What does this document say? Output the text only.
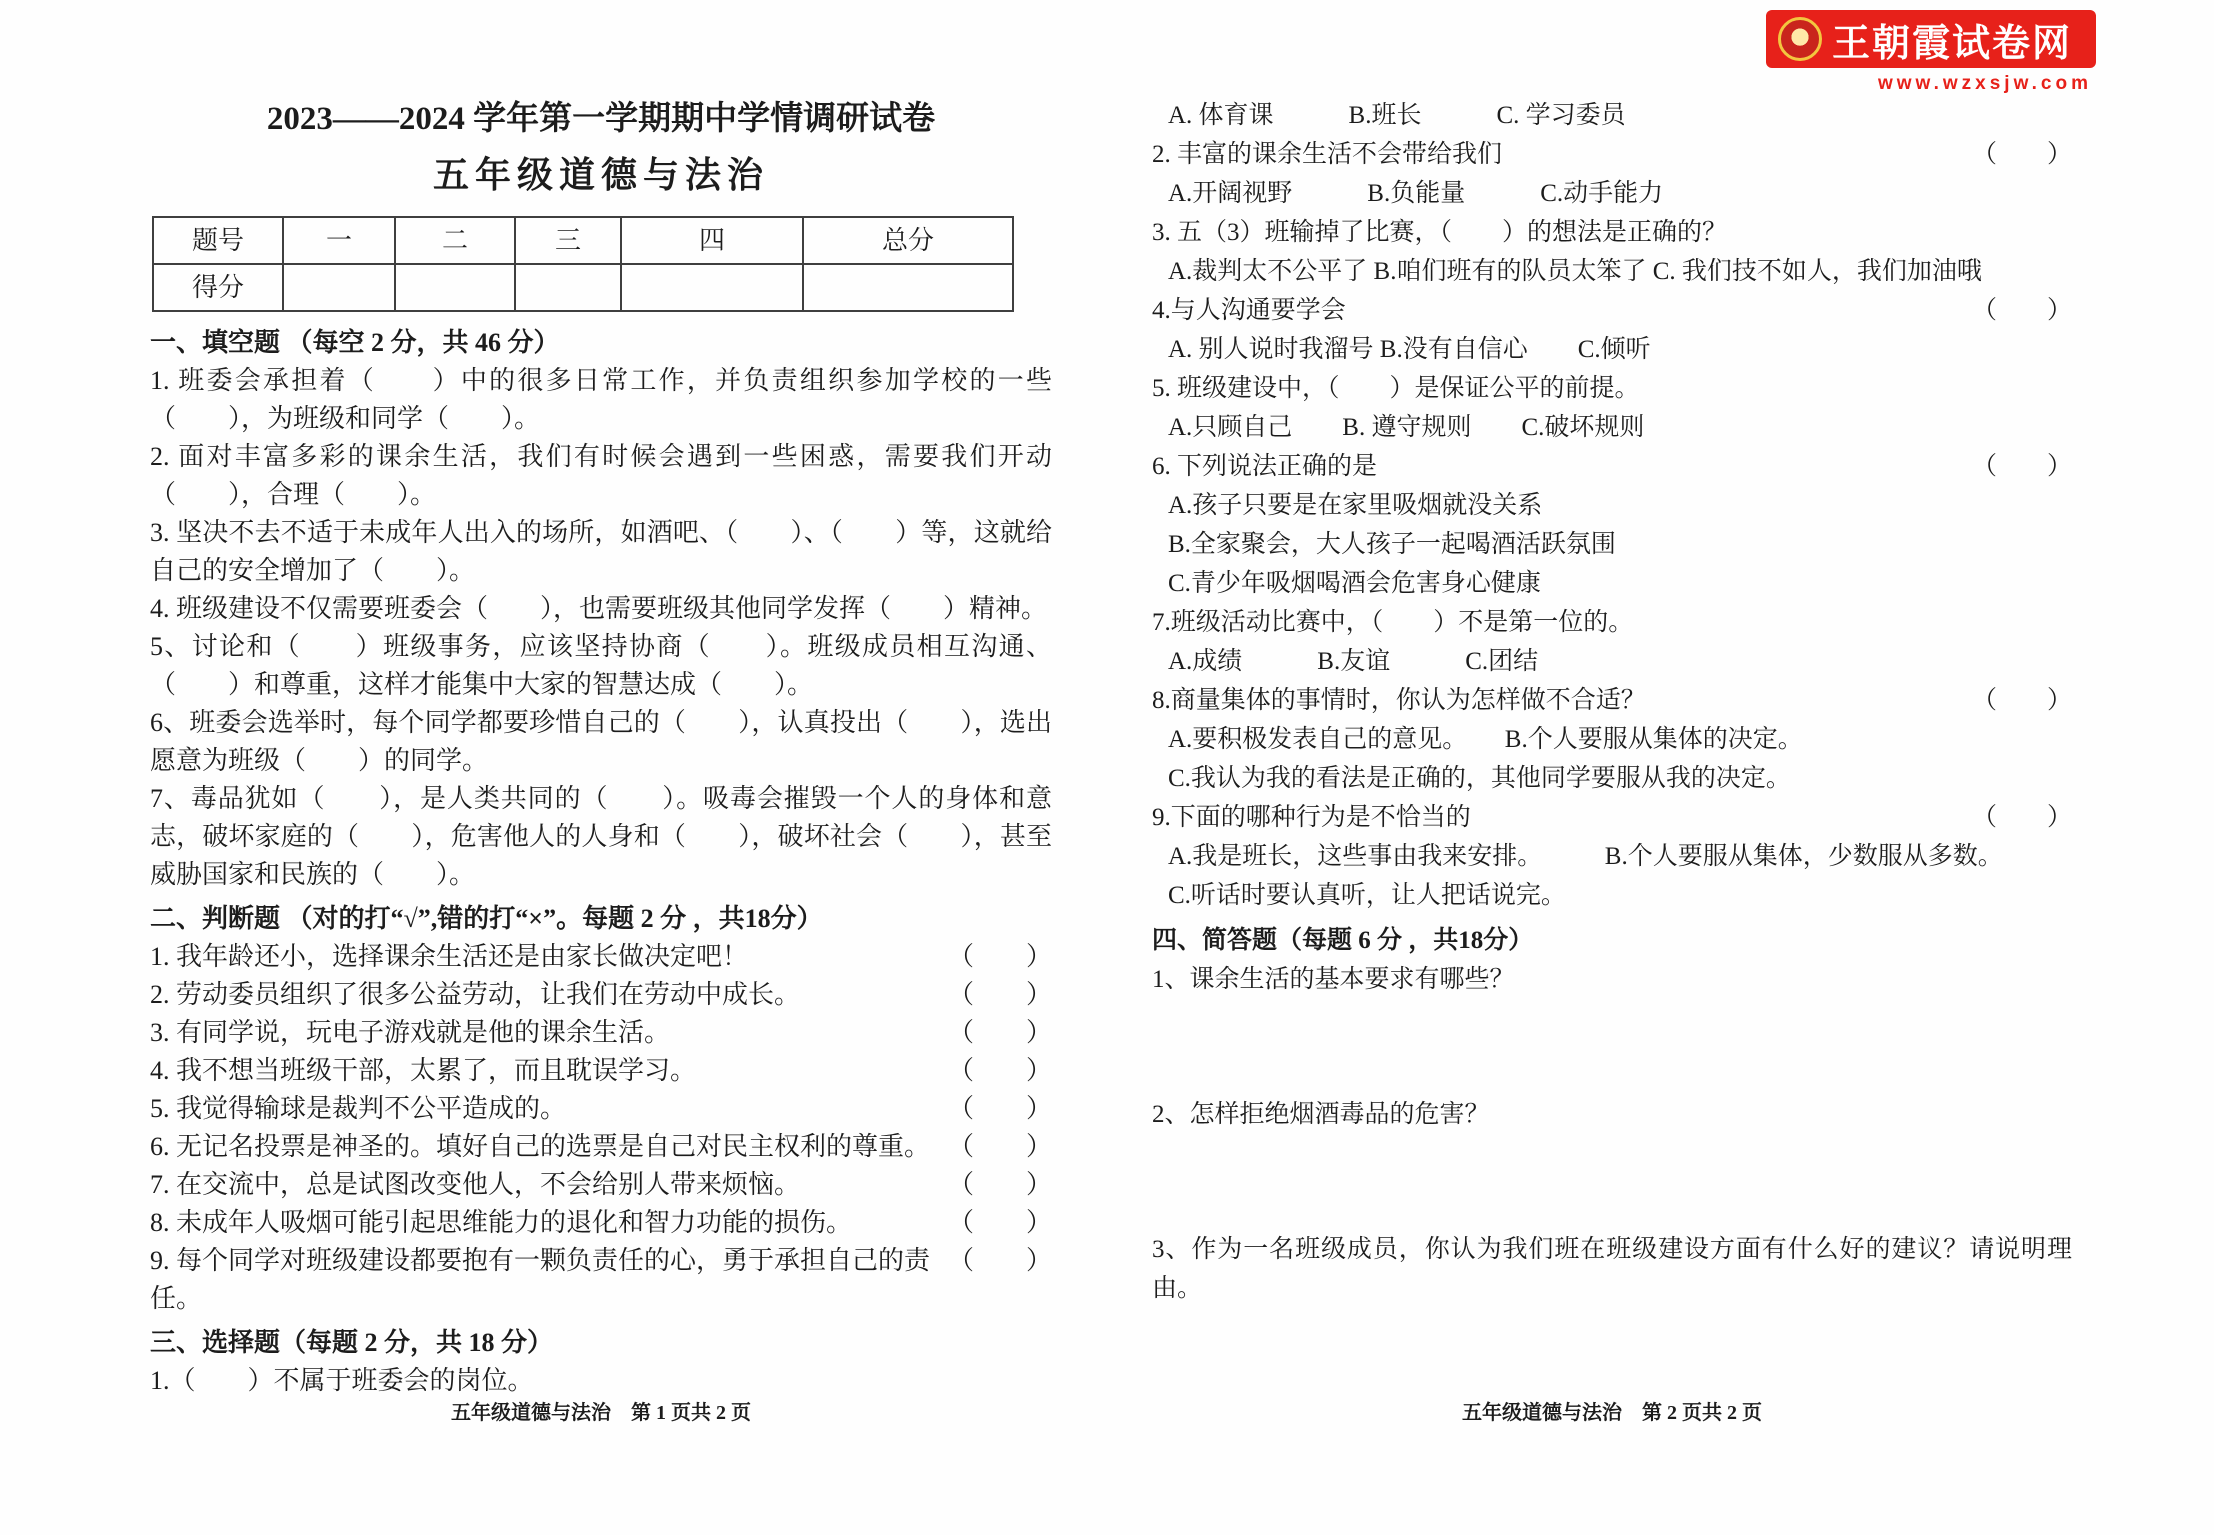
王朝霞试卷网
www.wzxsjw.com
2023——2024 学年第一学期期中学情调研试卷
五年级道德与法治
题号	一	二	三	四	总分
得分					
一、填空题 （每空 2 分，共 46 分）
1. 班委会承担着（　　）中的很多日常工作，并负责组织参加学校的一些（　　），为班级和同学（　　）。
2. 面对丰富多彩的课余生活，我们有时候会遇到一些困惑，需要我们开动（　　），合理（　　）。
3. 坚决不去不适于未成年人出入的场所，如酒吧、（　　）、（　　）等，这就给自己的安全增加了（　　）。
4. 班级建设不仅需要班委会（　　），也需要班级其他同学发挥（　　）精神。
5、讨论和（　　）班级事务，应该坚持协商（　　）。班级成员相互沟通、（　　）和尊重，这样才能集中大家的智慧达成（　　）。
6、班委会选举时，每个同学都要珍惜自己的（　　），认真投出（　　），选出愿意为班级（　　）的同学。
7、毒品犹如（　　），是人类共同的（　　）。吸毒会摧毁一个人的身体和意志，破坏家庭的（　　），危害他人的人身和（　　），破坏社会（　　），甚至威胁国家和民族的（　　）。
二、判断题 （对的打“√”,错的打“×”。每题 2 分 ，共18分）
1. 我年龄还小，选择课余生活还是由家长做决定吧！	（　　）
2. 劳动委员组织了很多公益劳动，让我们在劳动中成长。	（　　）
3. 有同学说，玩电子游戏就是他的课余生活。	（　　）
4. 我不想当班级干部，太累了，而且耽误学习。	（　　）
5. 我觉得输球是裁判不公平造成的。	（　　）
6. 无记名投票是神圣的。填好自己的选票是自己对民主权利的尊重。 （　　）
7. 在交流中，总是试图改变他人，不会给别人带来烦恼。	（　　）
8. 未成年人吸烟可能引起思维能力的退化和智力功能的损伤。	（　　）
9. 每个同学对班级建设都要抱有一颗负责任的心，勇于承担自己的责任。
（　　）
三、选择题（每题 2 分，共 18 分）
1.（　　）不属于班委会的岗位。
A. 体育课　　　B.班长　　　C. 学习委员
2. 丰富的课余生活不会带给我们	（　　）
A.开阔视野　　　B.负能量　　　C.动手能力
3. 五（3）班输掉了比赛，（　　）的想法是正确的？
A.裁判太不公平了 B.咱们班有的队员太笨了 C. 我们技不如人，我们加油哦
4.与人沟通要学会	（　　）
A. 别人说时我溜号 B.没有自信心　　C.倾听
5. 班级建设中，（　　）是保证公平的前提。
A.只顾自己　　B. 遵守规则　　C.破坏规则
6. 下列说法正确的是	（　　）
A.孩子只要是在家里吸烟就没关系
B.全家聚会，大人孩子一起喝酒活跃氛围
C.青少年吸烟喝酒会危害身心健康
7.班级活动比赛中，（　　）不是第一位的。
A.成绩　　　B.友谊　　　C.团结
8.商量集体的事情时，你认为怎样做不合适？	（　　）
A.要积极发表自己的意见。　　B.个人要服从集体的决定。
C.我认为我的看法是正确的，其他同学要服从我的决定。
9.下面的哪种行为是不恰当的	（　　）
A.我是班长，这些事由我来安排。　　　B.个人要服从集体，少数服从多数。
C.听话时要认真听，让人把话说完。
四、简答题（每题 6 分 ，共18分）
1、课余生活的基本要求有哪些？
2、怎样拒绝烟酒毒品的危害？
3、作为一名班级成员，你认为我们班在班级建设方面有什么好的建议？请说明理由。
五年级道德与法治　第 1 页共 2 页	五年级道德与法治　第 2 页共 2 页
